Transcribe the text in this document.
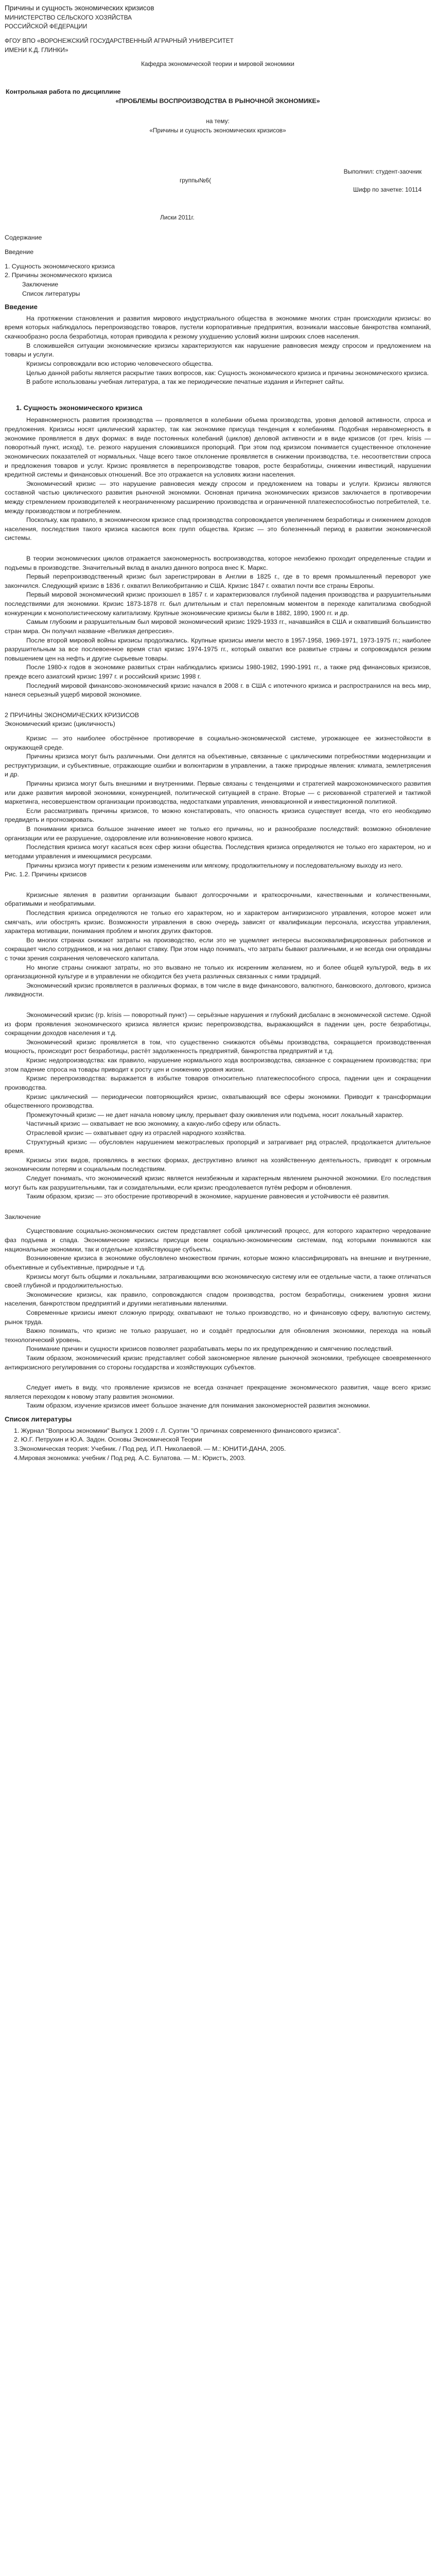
Причины и сущность экономических кризисов

МИНИСТЕРСТВО СЕЛЬСКОГО ХОЗЯЙСТВА

РОССИЙСКОЙ ФЕДЕРАЦИИ

ФГОУ ВПО «ВОРОНЕЖСКИЙ ГОСУДАРСТВЕННЫЙ АГРАРНЫЙ УНИВЕРСИТЕТ

ИМЕНИ К.Д. ГЛИНКИ»

Кафедра экономической теории и мировой экономики

Контрольная работа по дисциплине

«ПРОБЛЕМЫ ВОСПРОИЗВОДСТВА В РЫНОЧНОЙ ЭКОНОМИКЕ»

на тему:

«Причины и сущность экономических кризисов»

Выполнил: студент-заочник

группы№6(

Шифр по зачетке: 10114

Лиски 2011г.

Содержание

Введение

1. Сущность экономического кризиса

2. Причины экономического кризиса

Заключение

Список литературы

Введение

На протяжении становления и развития мирового индустриального общества в экономике многих стран происходили кризисы: во время которых наблюдалось перепроизводство товаров, пустели корпоративные предприятия, возникали массовые банкротства компаний, скачкообразно росла безработица, которая приводила к резкому ухудшению условий жизни широких слоев населения.

В сложившейся ситуации экономические кризисы характеризуются как нарушение равновесия между спросом и предложением на товары и услуги.

Кризисы сопровождали всю историю человеческого общества.

Целью данной работы является раскрытие таких вопросов, как: Сущность экономического кризиса и причины экономического кризиса.

В работе использованы учебная литература, а так же периодические печатные издания и Интернет сайты.

1. Сущность экономического кризиса

Неравномерность развития производства — проявляется в колебании объема производства, уровня деловой активности, спроса и предложения. Кризисы носят циклический характер, так как экономике присуща тенденция к колебаниям. Подобная неравномерность в экономике проявляется в двух формах: в виде постоянных колебаний (циклов) деловой активности и в виде кризисов (от греч. krisis — поворотный пункт, исход), т.е. резкого нарушения сложившихся пропорций. При этом под кризисом понимается существенное отклонение экономических показателей от нормальных. Чаще всего такое отклонение проявляется в снижении производства, т.е. несоответствии спроса и предложения товаров и услуг. Кризис проявляется в перепроизводстве товаров, росте безработицы, снижении инвестиций, нарушении кредитной системы и финансовых отношений. Все это отражается на условиях жизни населения.

Экономический кризис — это нарушение равновесия между спросом и предложением на товары и услуги. Кризисы являются составной частью циклического развития рыночной экономики. Основная причина экономических кризисов заключается в противоречии между стремлением производителей к неограниченному расширению производства и ограниченной платежеспособностью потребителей, т.е. между производством и потреблением.

Поскольку, как правило, в экономическом кризисе спад производства сопровождается увеличением безработицы и снижением доходов населения, последствия такого кризиса касаются всех групп общества. Кризис — это болезненный период в развитии экономической системы.

В теории экономических циклов отражается закономерность воспроизводства, которое неизбежно проходит определенные стадии и подъемы в производстве. Значительный вклад в анализ данного вопроса внес К. Маркс.

Первый перепроизводственный кризис был зарегистрирован в Англии в 1825 г., где в то время промышленный переворот уже закончился. Следующий кризис в 1836 г. охватил Великобританию и США. Кризис 1847 г. охватил почти все страны Европы.

Первый мировой экономический кризис произошел в 1857 г. и характеризовался глубиной падения производства и разрушительными последствиями для экономики. Кризис 1873-1878 гг. был длительным и стал переломным моментом в переходе капитализма свободной конкуренции к монополистическому капитализму. Крупные экономические кризисы были в 1882, 1890, 1900 гг. и др.

Самым глубоким и разрушительным был мировой экономический кризис 1929-1933 гг., начавшийся в США и охвативший большинство стран мира. Он получил название «Великая депрессия».

После второй мировой войны кризисы продолжались. Крупные кризисы имели место в 1957-1958, 1969-1971, 1973-1975 гг.; наиболее разрушительным за все послевоенное время стал кризис 1974-1975 гг., который охватил все развитые страны и сопровождался резким повышением цен на нефть и другие сырьевые товары.

После 1980-х годов в экономике развитых стран наблюдались кризисы 1980-1982, 1990-1991 гг., а также ряд финансовых кризисов, прежде всего азиатский кризис 1997 г. и российский кризис 1998 г.

Последний мировой финансово-экономический кризис начался в 2008 г. в США с ипотечного кризиса и распространился на весь мир, нанеся серьезный ущерб мировой экономике.

2 ПРИЧИНЫ ЭКОНОМИЧЕСКИХ КРИЗИСОВ

Экономический кризис (цикличность)

Кризис — это наиболее обострённое противоречие в социально-экономической системе, угрожающее ее жизнестойкости в окружающей среде.

Причины кризиса могут быть различными. Они делятся на объективные, связанные с циклическими потребностями модернизации и реструктуризации, и субъективные, отражающие ошибки и волюнтаризм в управлении, а также природные явления: климата, землетрясения и др.

Причины кризиса могут быть внешними и внутренними. Первые связаны с тенденциями и стратегией макроэкономического развития или даже развития мировой экономики, конкуренцией, политической ситуацией в стране. Вторые — с рискованной стратегией и тактикой маркетинга, несовершенством организации производства, недостатками управления, инновационной и инвестиционной политикой.

Если рассматривать причины кризисов, то можно констатировать, что опасность кризиса существует всегда, что его необходимо предвидеть и прогнозировать.

В понимании кризиса большое значение имеет не только его причины, но и разнообразие последствий: возможно обновление организации или ее разрушение, оздоровление или возникновение нового кризиса.

Последствия кризиса могут касаться всех сфер жизни общества. Последствия кризиса определяются не только его характером, но и методами управления и имеющимися ресурсами.

Причины кризиса могут привести к резким изменениям или мягкому, продолжительному и последовательному выходу из него.

Рис. 1.2. Причины кризисов

Кризисные явления в развитии организации бывают долгосрочными и краткосрочными, качественными и количественными, обратимыми и необратимыми.

Последствия кризиса определяются не только его характером, но и характером антикризисного управления, которое может или смягчать, или обострять кризис. Возможности управления в свою очередь зависят от квалификации персонала, искусства управления, характера мотивации, понимания проблем и многих других факторов.

Во многих странах снижают затраты на производство, если это не ущемляет интересы высококвалифицированных работников и сокращает число сотрудников, и на них делают ставку. При этом надо понимать, что затраты бывают различными, и не всегда они оправданы с точки зрения сохранения человеческого капитала.

Но многие страны снижают затраты, но это вызвано не только их искренним желанием, но и более общей культурой, ведь в их организационной культуре и в управлении не обходится без учета различных связанных с ними традиций.

Экономический кризис проявляется в различных формах, в том числе в виде финансового, валютного, банковского, долгового, кризиса ликвидности.

Экономический кризис (гр. krisis — поворотный пункт) — серьёзные нарушения и глубокий дисбаланс в экономической системе. Одной из форм проявления экономического кризиса является кризис перепроизводства, выражающийся в падении цен, росте безработицы, сокращении доходов населения и т.д.

Экономический кризис проявляется в том, что существенно снижаются объёмы производства, сокращается производственная мощность, происходит рост безработицы, растёт задолженность предприятий, банкротства предприятий и т.д.

Кризис недопроизводства: как правило, нарушение нормального хода воспроизводства, связанное с сокращением производства; при этом падение спроса на товары приводит к росту цен и снижению уровня жизни.

Кризис перепроизводства: выражается в избытке товаров относительно платежеспособного спроса, падении цен и сокращении производства.

Кризис циклический — периодически повторяющийся кризис, охватывающий все сферы экономики. Приводит к трансформации общественного производства.

Промежуточный кризис — не дает начала новому циклу, прерывает фазу оживления или подъема, носит локальный характер.

Частичный кризис — охватывает не всю экономику, а какую-либо сферу или область.

Отраслевой кризис — охватывает одну из отраслей народного хозяйства.

Структурный кризис — обусловлен нарушением межотраслевых пропорций и затрагивает ряд отраслей, продолжается длительное время.

Кризисы этих видов, проявляясь в жестких формах, деструктивно влияют на хозяйственную деятельность, приводят к огромным экономическим потерям и социальным последствиям.

Следует понимать, что экономический кризис является неизбежным и характерным явлением рыночной экономики. Его последствия могут быть как разрушительными, так и созидательными, если кризис преодолевается путём реформ и обновления.

Таким образом, кризис — это обострение противоречий в экономике, нарушение равновесия и устойчивости её развития.

Заключение

Существование социально-экономических систем представляет собой циклический процесс, для которого характерно чередование фаз подъема и спада. Экономические кризисы присущи всем социально-экономическим системам, под которыми понимаются как национальные экономики, так и отдельные хозяйствующие субъекты.

Возникновение кризиса в экономике обусловлено множеством причин, которые можно классифицировать на внешние и внутренние, объективные и субъективные, природные и т.д.

Кризисы могут быть общими и локальными, затрагивающими всю экономическую систему или ее отдельные части, а также отличаться своей глубиной и продолжительностью.

Экономические кризисы, как правило, сопровождаются спадом производства, ростом безработицы, снижением уровня жизни населения, банкротством предприятий и другими негативными явлениями.

Современные кризисы имеют сложную природу, охватывают не только производство, но и финансовую сферу, валютную систему, рынок труда.

Важно понимать, что кризис не только разрушает, но и создаёт предпосылки для обновления экономики, перехода на новый технологический уровень.

Понимание причин и сущности кризисов позволяет разрабатывать меры по их предупреждению и смягчению последствий.

Таким образом, экономический кризис представляет собой закономерное явление рыночной экономики, требующее своевременного антикризисного регулирования со стороны государства и хозяйствующих субъектов.

Следует иметь в виду, что проявление кризисов не всегда означает прекращение экономического развития, чаще всего кризис является переходом к новому этапу развития экономики.

Таким образом, изучение кризисов имеет большое значение для понимания закономерностей развития экономики.

Список литературы

1. Журнал "Вопросы экономики" Выпуск 1 2009 г. Л. Суэтин "О причинах современного финансового кризиса".

2. Ю.Г. Петрухин и Ю.А. Задон. Основы Экономической Теории

3.Экономическая теория: Учебник. / Под ред. И.П. Николаевой. — М.: ЮНИТИ-ДАНА, 2005.

4.Мировая экономика: учебник / Под ред. А.С. Булатова. — М.: Юристъ, 2003.
